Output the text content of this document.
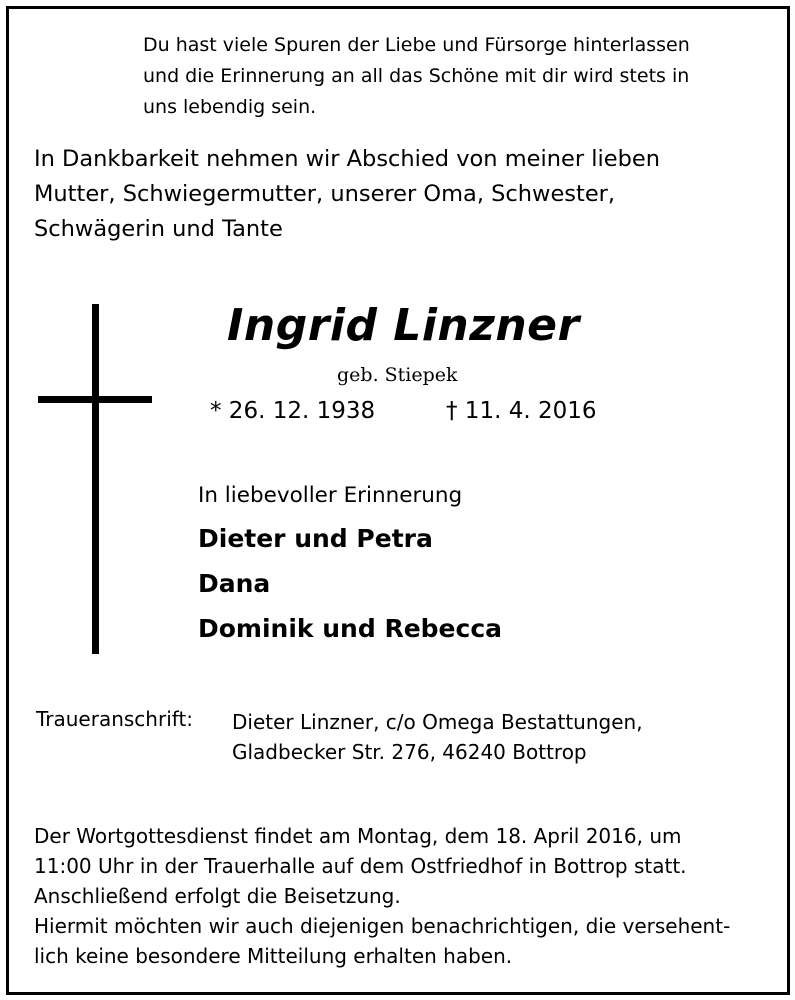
Du hast viele Spuren der Liebe und Fürsorge hinterlassen
und die Erinnerung an all das Schöne mit dir wird stets in
uns lebendig sein.
In Dankbarkeit nehmen wir Abschied von meiner lieben
Mutter, Schwiegermutter, unserer Oma, Schwester,
Schwägerin und Tante
Ingrid Linzner
geb. Stiepek
* 26. 12. 1938	† 11. 4. 2016
In liebevoller Erinnerung
Dieter und Petra
Dana
Dominik und Rebecca
Traueranschrift: Dieter Linzner, c/o Omega Bestattungen,
Gladbecker Str. 276, 46240 Bottrop
Der Wortgottesdienst findet am Montag, dem 18. April 2016, um
11:00 Uhr in der Trauerhalle auf dem Ostfriedhof in Bottrop statt.
Anschließend erfolgt die Beisetzung.
Hiermit möchten wir auch diejenigen benachrichtigen, die versehent-
lich keine besondere Mitteilung erhalten haben.
